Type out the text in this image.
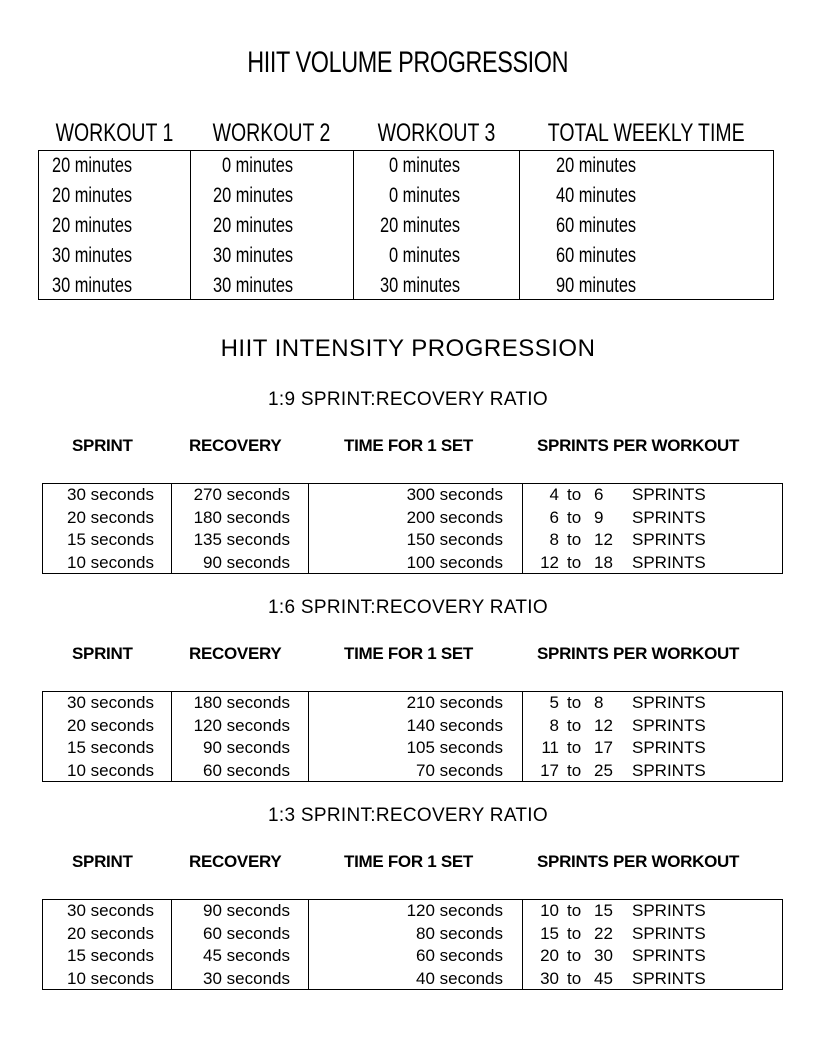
HIIT VOLUME PROGRESSION
WORKOUT 1	WORKOUT 2	WORKOUT 3	TOTAL WEEKLY TIME
20 minutes	0 minutes	0 minutes	20 minutes
20 minutes	20 minutes	0 minutes	40 minutes
20 minutes	20 minutes	20 minutes	60 minutes
30 minutes	30 minutes	0 minutes	60 minutes
30 minutes	30 minutes	30 minutes	90 minutes
HIIT INTENSITY PROGRESSION
1:9 SPRINT:RECOVERY RATIO
SPRINT	RECOVERY	TIME FOR 1 SET	SPRINTS PER WORKOUT
30 seconds	270 seconds	300 seconds	4 to 6	SPRINTS
20 seconds	180 seconds	200 seconds	6 to 9	SPRINTS
15 seconds	135 seconds	150 seconds	8 to 12	SPRINTS
10 seconds	90 seconds	100 seconds	12 to 18	SPRINTS
1:6 SPRINT:RECOVERY RATIO
SPRINT	RECOVERY	TIME FOR 1 SET	SPRINTS PER WORKOUT
30 seconds	180 seconds	210 seconds	5 to 8	SPRINTS
20 seconds	120 seconds	140 seconds	8 to 12	SPRINTS
15 seconds	90 seconds	105 seconds	11 to 17	SPRINTS
10 seconds	60 seconds	70 seconds	17 to 25	SPRINTS
1:3 SPRINT:RECOVERY RATIO
SPRINT	RECOVERY	TIME FOR 1 SET	SPRINTS PER WORKOUT
30 seconds	90 seconds	120 seconds	10 to 15	SPRINTS
20 seconds	60 seconds	80 seconds	15 to 22	SPRINTS
15 seconds	45 seconds	60 seconds	20 to 30	SPRINTS
10 seconds	30 seconds	40 seconds	30 to 45	SPRINTS
